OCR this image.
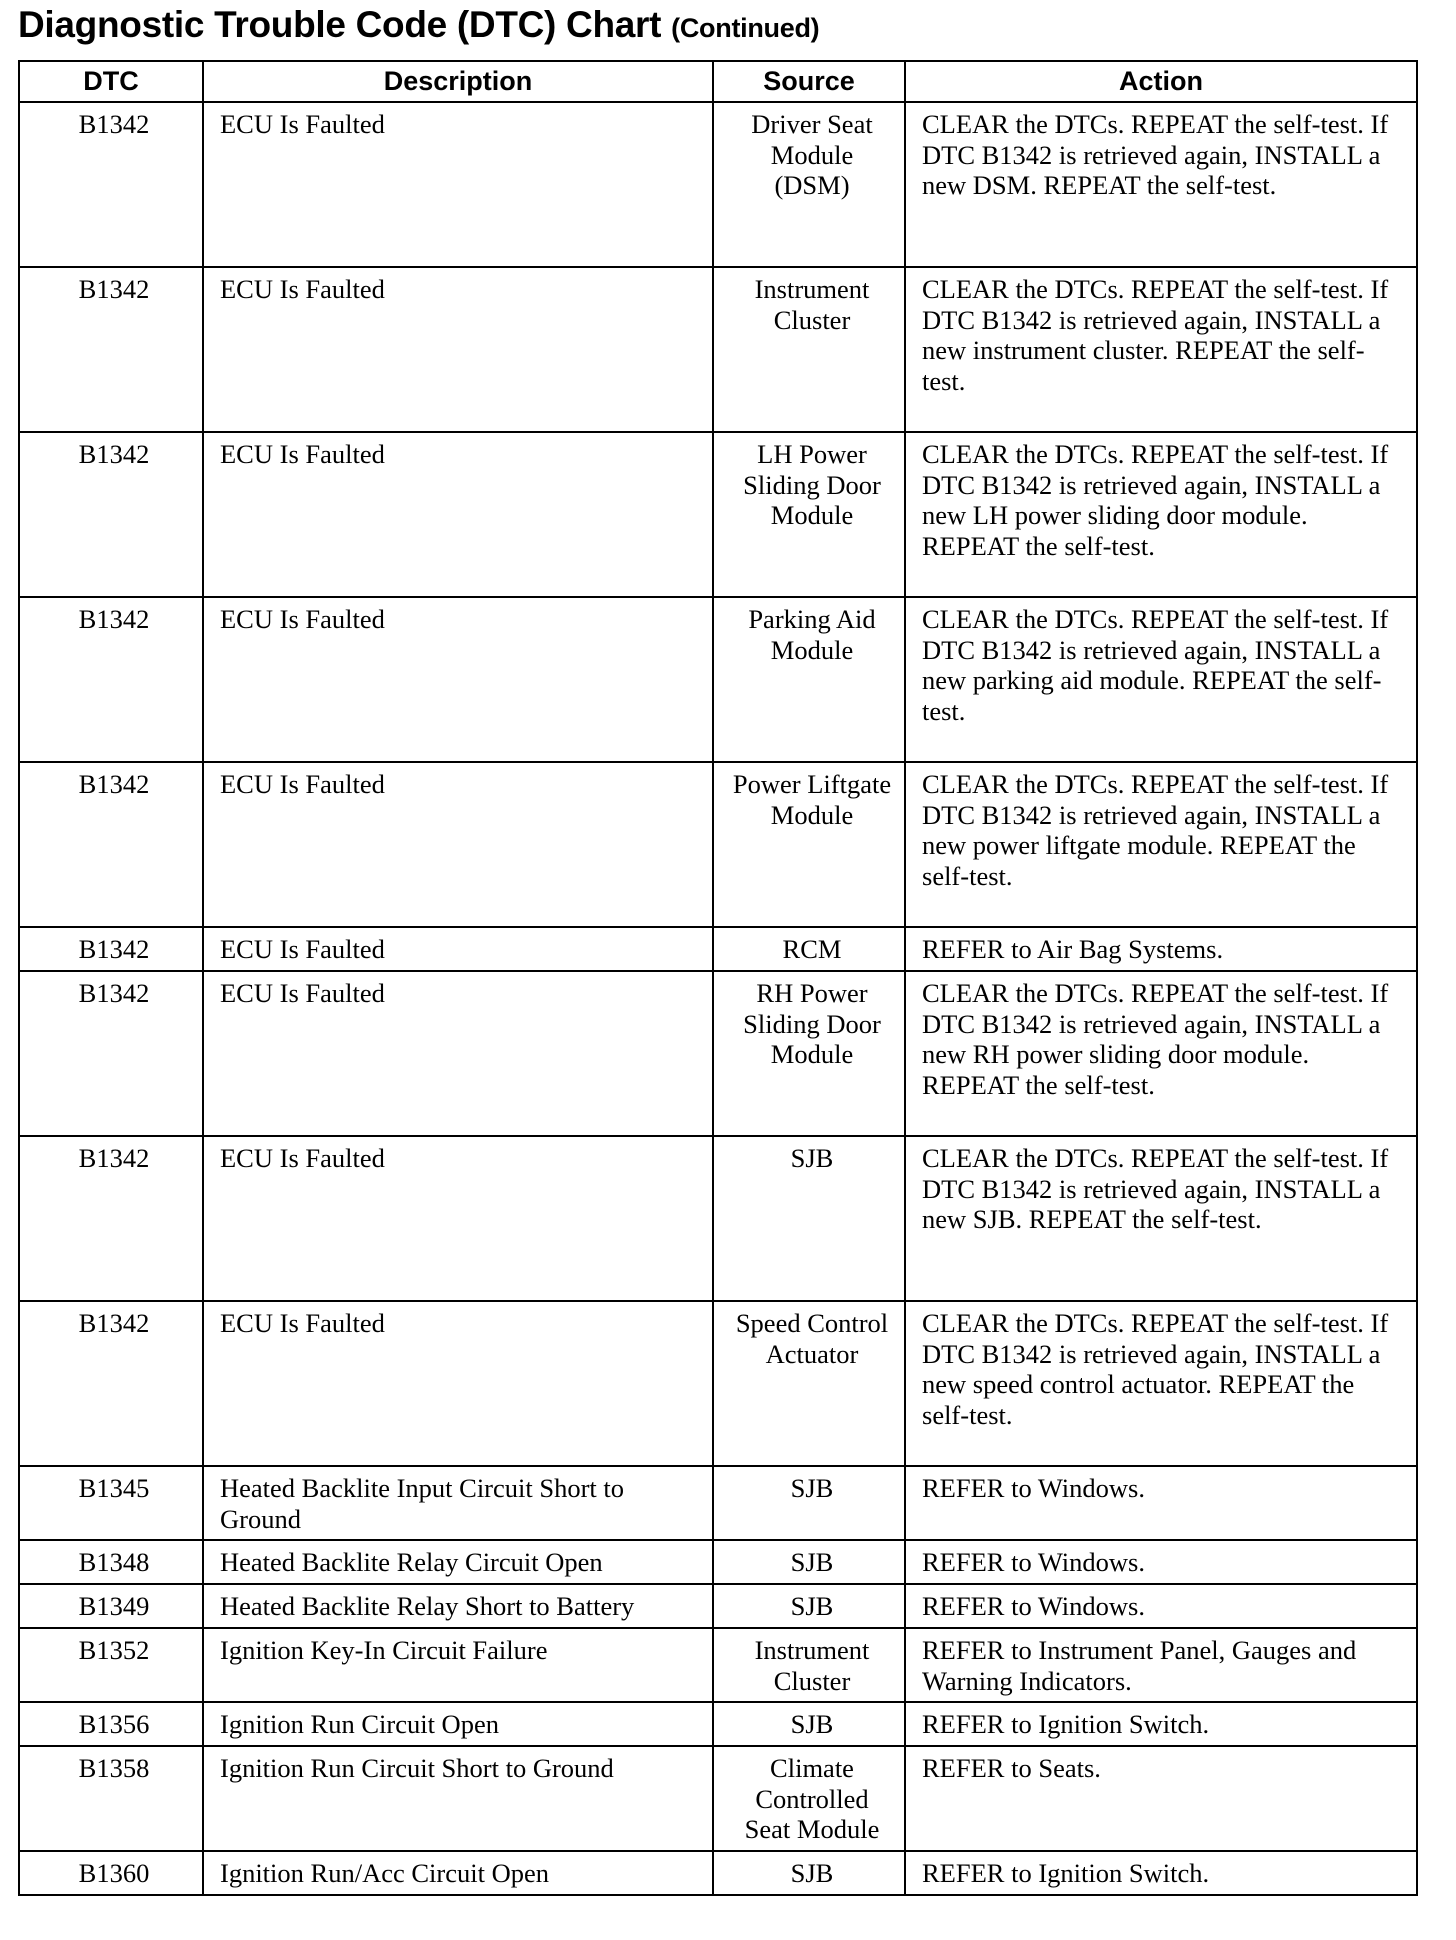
Diagnostic Trouble Code (DTC) Chart (Continued)
DTC	Description	Source	Action
B1342	ECU Is Faulted	Driver Seat Module (DSM)	CLEAR the DTCs. REPEAT the self-test. If DTC B1342 is retrieved again, INSTALL a new DSM. REPEAT the self-test.
B1342	ECU Is Faulted	Instrument Cluster	CLEAR the DTCs. REPEAT the self-test. If DTC B1342 is retrieved again, INSTALL a new instrument cluster. REPEAT the self-test.
B1342	ECU Is Faulted	LH Power Sliding Door Module	CLEAR the DTCs. REPEAT the self-test. If DTC B1342 is retrieved again, INSTALL a new LH power sliding door module. REPEAT the self-test.
B1342	ECU Is Faulted	Parking Aid Module	CLEAR the DTCs. REPEAT the self-test. If DTC B1342 is retrieved again, INSTALL a new parking aid module. REPEAT the self-test.
B1342	ECU Is Faulted	Power Liftgate Module	CLEAR the DTCs. REPEAT the self-test. If DTC B1342 is retrieved again, INSTALL a new power liftgate module. REPEAT the self-test.
B1342	ECU Is Faulted	RCM	REFER to Air Bag Systems.
B1342	ECU Is Faulted	RH Power Sliding Door Module	CLEAR the DTCs. REPEAT the self-test. If DTC B1342 is retrieved again, INSTALL a new RH power sliding door module. REPEAT the self-test.
B1342	ECU Is Faulted	SJB	CLEAR the DTCs. REPEAT the self-test. If DTC B1342 is retrieved again, INSTALL a new SJB. REPEAT the self-test.
B1342	ECU Is Faulted	Speed Control Actuator	CLEAR the DTCs. REPEAT the self-test. If DTC B1342 is retrieved again, INSTALL a new speed control actuator. REPEAT the self-test.
B1345	Heated Backlite Input Circuit Short to Ground	SJB	REFER to Windows.
B1348	Heated Backlite Relay Circuit Open	SJB	REFER to Windows.
B1349	Heated Backlite Relay Short to Battery	SJB	REFER to Windows.
B1352	Ignition Key-In Circuit Failure	Instrument Cluster	REFER to Instrument Panel, Gauges and Warning Indicators.
B1356	Ignition Run Circuit Open	SJB	REFER to Ignition Switch.
B1358	Ignition Run Circuit Short to Ground	Climate Controlled Seat Module	REFER to Seats.
B1360	Ignition Run/Acc Circuit Open	SJB	REFER to Ignition Switch.
